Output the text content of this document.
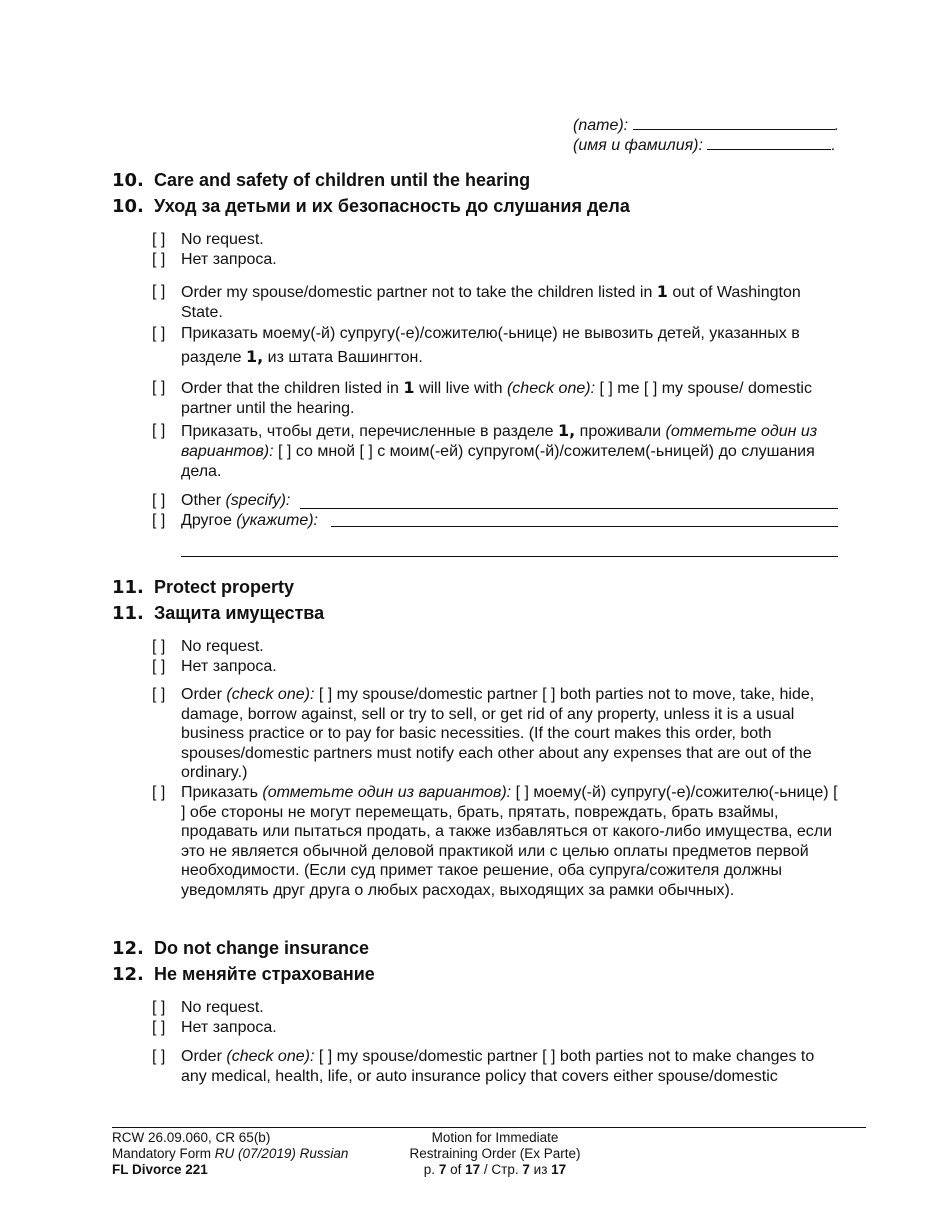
(name):	.
(имя и фамилия):	.
10. Care and safety of children until the hearing
10. Уход за детьми и их безопасность до слушания дела
[ ] No request.
[ ] Нет запроса.
[ ] Order my spouse/domestic partner not to take the children listed in 1 out of Washington State.
[ ] Приказать моему(-й) супругу(-е)/сожителю(-ьнице) не вывозить детей, указанных в разделе 1, из штата Вашингтон.
[ ] Order that the children listed in 1 will live with (check one): [ ] me [ ] my spouse/ domestic partner until the hearing.
[ ] Приказать, чтобы дети, перечисленные в разделе 1, проживали (отметьте один из вариантов): [ ] со мной [ ] с моим(-ей) супругом(-й)/сожителем(-ьницей) до слушания дела.
[ ] Other (specify):
[ ] Другое (укажите):
11. Protect property
11. Защита имущества
[ ] No request.
[ ] Нет запроса.
[ ] Order (check one): [ ] my spouse/domestic partner [ ] both parties not to move, take, hide, damage, borrow against, sell or try to sell, or get rid of any property, unless it is a usual business practice or to pay for basic necessities. (If the court makes this order, both spouses/domestic partners must notify each other about any expenses that are out of the ordinary.)
[ ] Приказать (отметьте один из вариантов): [ ] моему(-й) супругу(-е)/сожителю(-ьнице) [ ] обе стороны не могут перемещать, брать, прятать, повреждать, брать взаймы, продавать или пытаться продать, а также избавляться от какого-либо имущества, если это не является обычной деловой практикой или с целью оплаты предметов первой необходимости. (Если суд примет такое решение, оба супруга/сожителя должны уведомлять друг друга о любых расходах, выходящих за рамки обычных).
12. Do not change insurance
12. Не меняйте страхование
[ ] No request.
[ ] Нет запроса.
[ ] Order (check one): [ ] my spouse/domestic partner [ ] both parties not to make changes to any medical, health, life, or auto insurance policy that covers either spouse/domestic
RCW 26.09.060, CR 65(b)
Mandatory Form RU (07/2019) Russian
FL Divorce 221
Motion for Immediate
Restraining Order (Ex Parte)
p. 7 of 17 / Стр. 7 из 17
